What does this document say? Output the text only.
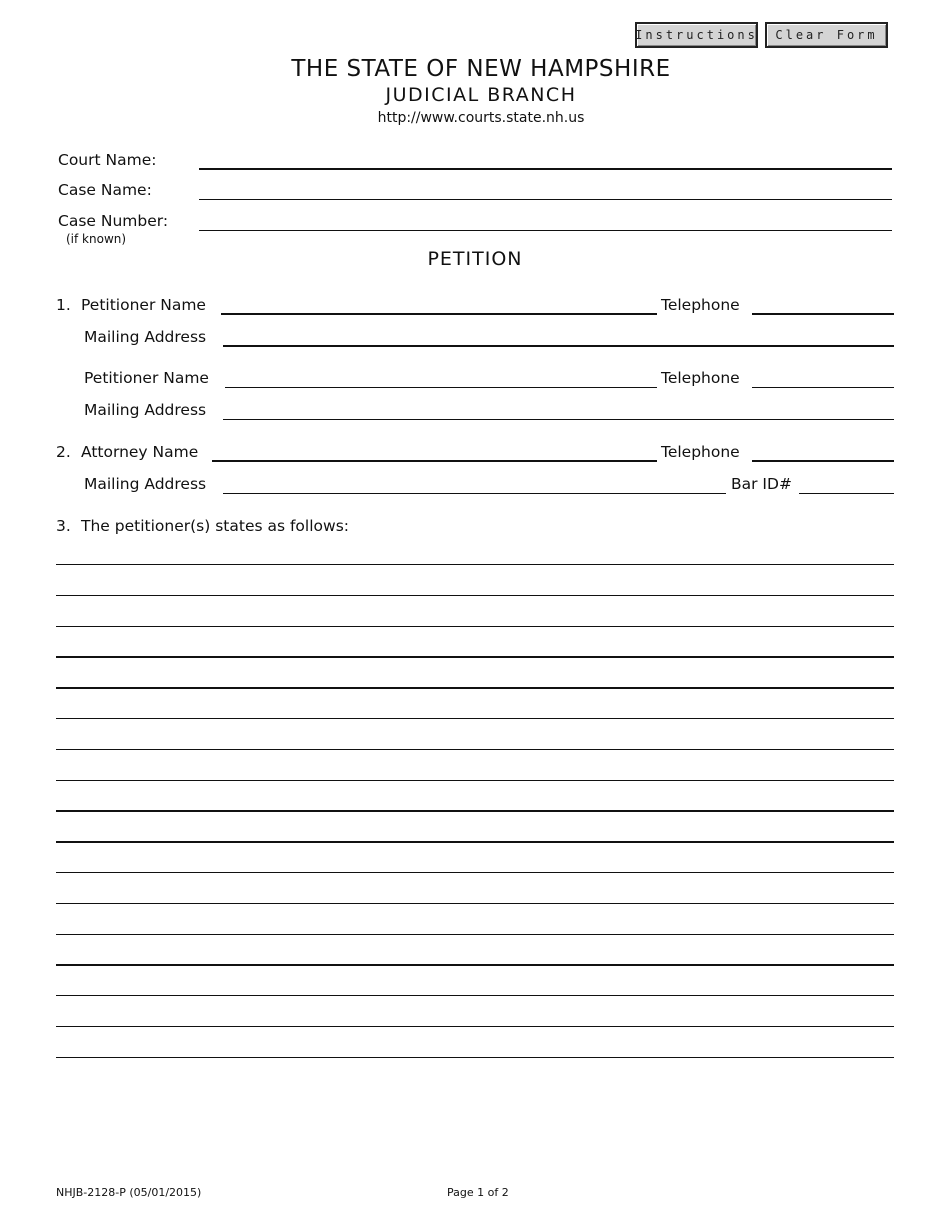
Instructions	Clear Form
THE STATE OF NEW HAMPSHIRE
JUDICIAL BRANCH
http://www.courts.state.nh.us
Court Name:
Case Name:
Case Number:
(if known)
PETITION
1. Petitioner Name	Telephone
Mailing Address
Petitioner Name	Telephone
Mailing Address
2. Attorney Name	Telephone
Mailing Address	Bar ID#
3. The petitioner(s) states as follows:
NHJB-2128-P (05/01/2015)	Page 1 of 2
